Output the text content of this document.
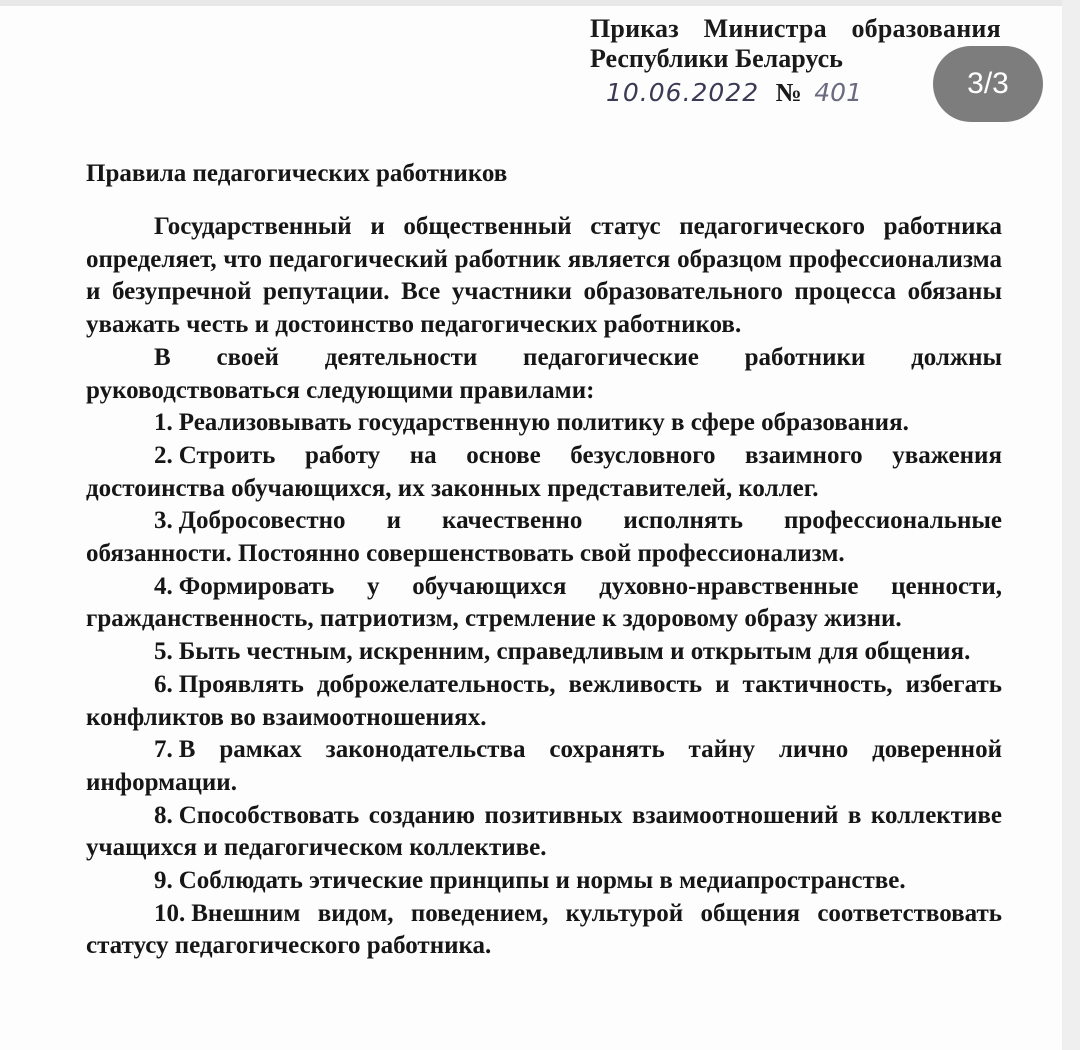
Приказ Министра образования
Республики Беларусь
10.06.2022 № 401	3/3
Правила педагогических работников

Государственный и общественный статус педагогического работника определяет, что педагогический работник является образцом профессионализма и безупречной репутации. Все участники образовательного процесса обязаны уважать честь и достоинство педагогических работников.

В своей деятельности педагогические работники должны руководствоваться следующими правилами:

1. Реализовывать государственную политику в сфере образования.
2. Строить работу на основе безусловного взаимного уважения достоинства обучающихся, их законных представителей, коллег.
3. Добросовестно и качественно исполнять профессиональные обязанности. Постоянно совершенствовать свой профессионализм.
4. Формировать у обучающихся духовно-нравственные ценности, гражданственность, патриотизм, стремление к здоровому образу жизни.
5. Быть честным, искренним, справедливым и открытым для общения.
6. Проявлять доброжелательность, вежливость и тактичность, избегать конфликтов во взаимоотношениях.
7. В рамках законодательства сохранять тайну лично доверенной информации.
8. Способствовать созданию позитивных взаимоотношений в коллективе учащихся и педагогическом коллективе.
9. Соблюдать этические принципы и нормы в медиапространстве.
10. Внешним видом, поведением, культурой общения соответствовать статусу педагогического работника.
